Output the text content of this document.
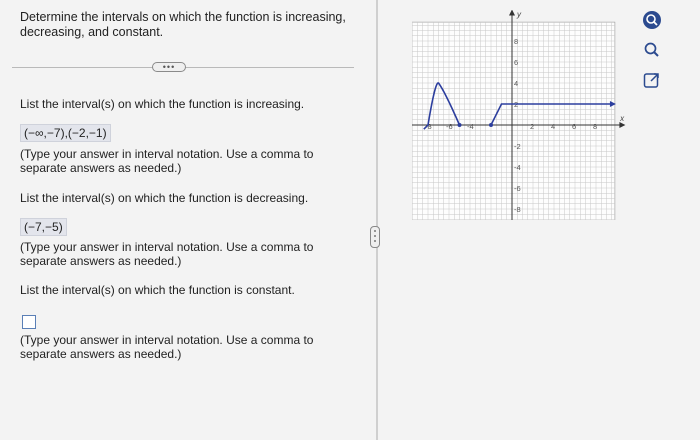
Determine the intervals on which the function is increasing, decreasing, and constant.
•••
List the interval(s) on which the function is increasing.
(−∞,−7),(−2,−1)
(Type your answer in interval notation. Use a comma to separate answers as needed.)
List the interval(s) on which the function is decreasing.
(−7,−5)
(Type your answer in interval notation. Use a comma to separate answers as needed.)
List the interval(s) on which the function is constant.
(Type your answer in interval notation. Use a comma to separate answers as needed.)
x
y
-8 -6 -4	2 4 6 8
8
6
4
2
-2
-4
-6
-8
